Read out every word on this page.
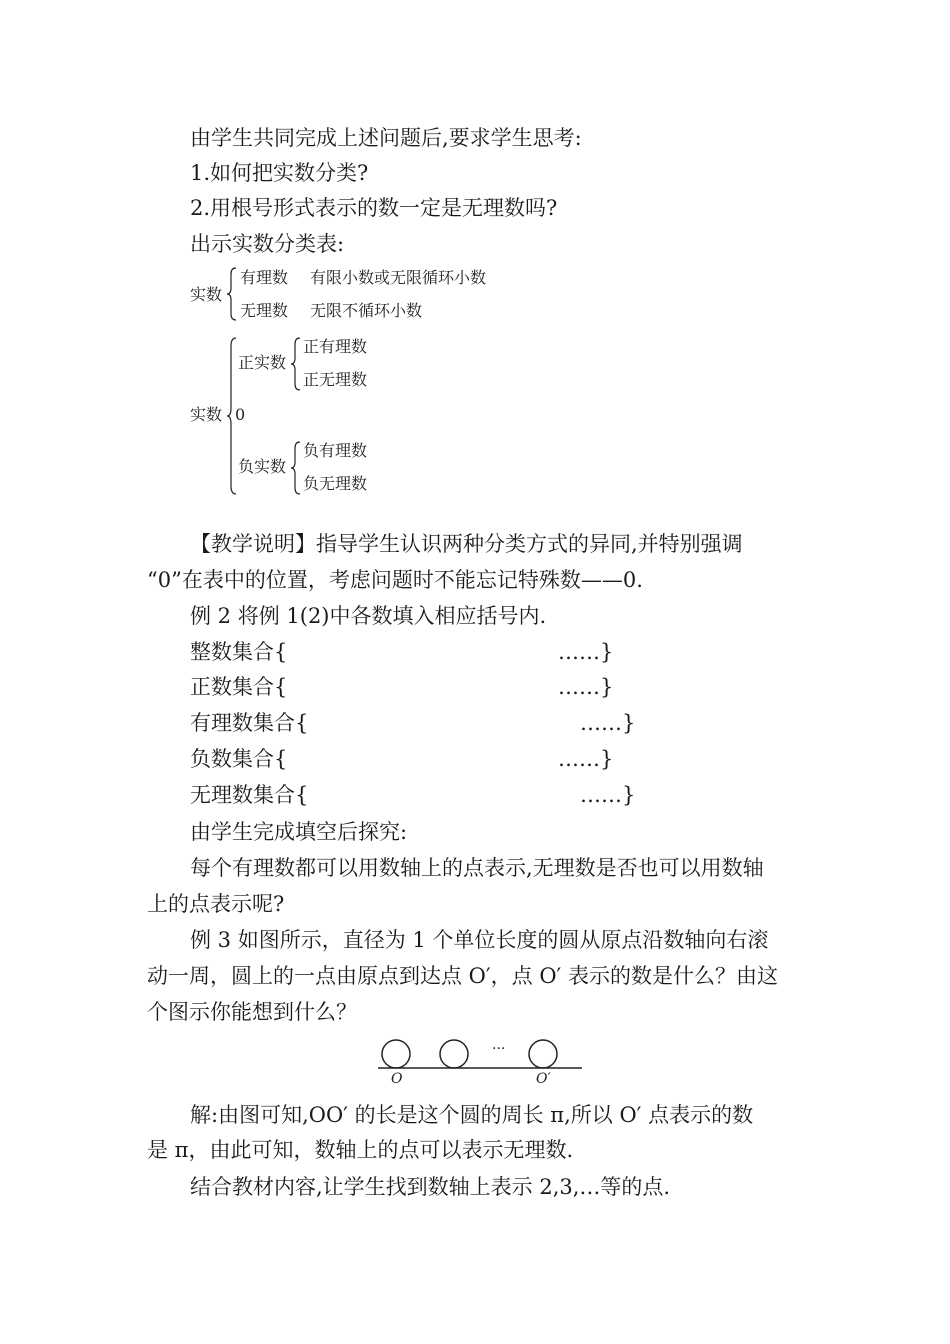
由学生共同完成上述问题后,要求学生思考:
1.如何把实数分类?
2.用根号形式表示的数一定是无理数吗?
出示实数分类表:
实数
有理数 有限小数或无限循环小数
无理数 无限不循环小数
实数
正实数
正有理数
正无理数
0
负实数
负有理数
负无理数
【教学说明】指导学生认识两种分类方式的异同,并特别强调
“0”在表中的位置，考虑问题时不能忘记特殊数——0.
例 2 将例 1(2)中各数填入相应括号内.
整数集合{	……}
正数集合{	……}
有理数集合{	……}
负数集合{	……}
无理数集合{	……}
由学生完成填空后探究:
每个有理数都可以用数轴上的点表示,无理数是否也可以用数轴
上的点表示呢?
例 3 如图所示，直径为 1 个单位长度的圆从原点沿数轴向右滚
动一周，圆上的一点由原点到达点 O′，点 O′ 表示的数是什么？由这
个图示你能想到什么？
···
O	O′
解:由图可知,OO′ 的长是这个圆的周长 π,所以 O′ 点表示的数
是 π，由此可知，数轴上的点可以表示无理数.
结合教材内容,让学生找到数轴上表示 2,3,…等的点.
